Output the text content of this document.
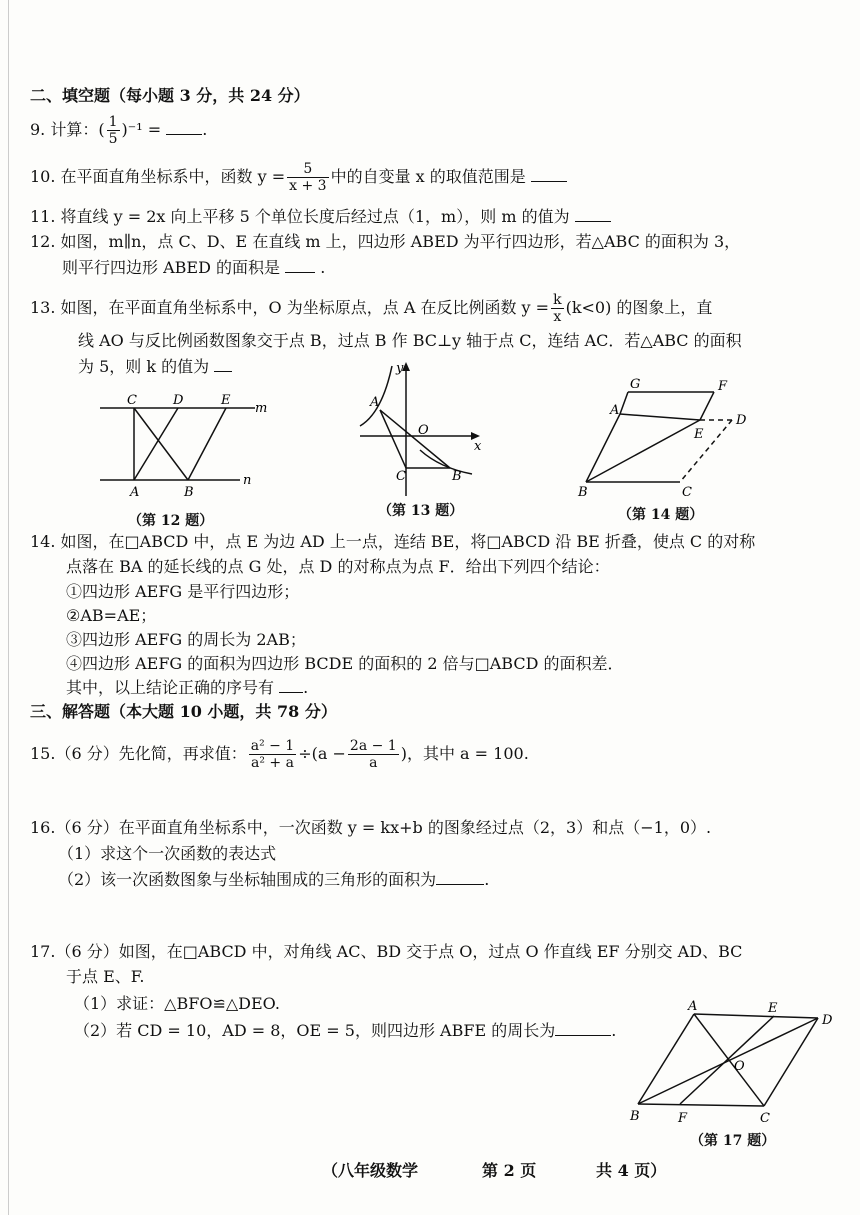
二、填空题（每小题 3 分，共 24 分）
9. 计算：( $\frac{1}{5} )^{-1}$ =	.
10. 在平面直角坐标系中，函数 $y = \frac{5}{x + 3}$ 中的自变量 x 的取值范围是
11. 将直线 y = 2x 向上平移 5 个单位长度后经过点（1，m），则 m 的值为
12. 如图，m∥n，点 C、D、E 在直线 m 上，四边形 ABED 为平行四边形，若△ABC 的面积为 3，
则平行四边形 ABED 的面积是	.
13. 如图，在平面直角坐标系中，O 为坐标原点，点 A 在反比例函数 $y = \frac{k}{x} (k<0)$ 的图象上，直
线 AO 与反比例函数图象交于点 B，过点 B 作 BC⊥y 轴于点 C，连结 AC．若△ABC 的面积
为 5，则 k 的值为
C	D	E
m
A	B
n
（第 12 题）
y
A
O
x
C	B
（第 13 题）
G	F
A
E
D
B	C
（第 14 题）
14. 如图，在□ABCD 中，点 E 为边 AD 上一点，连结 BE，将□ABCD 沿 BE 折叠，使点 C 的对称
点落在 BA 的延长线的点 G 处，点 D 的对称点为点 F．给出下列四个结论：
①四边形 AEFG 是平行四边形；
②AB=AE；
③四边形 AEFG 的周长为 2AB；
④四边形 AEFG 的面积为四边形 BCDE 的面积的 2 倍与□ABCD 的面积差．
其中，以上结论正确的序号有 .
三、解答题（本大题 10 小题，共 78 分）
15.（6 分）先化简，再求值： $\frac{\text{a² − 1}}{\text{a² + a}} \div(a - \frac{2a - 1}{a}$ )，其中 a = 100.
16.（6 分）在平面直角坐标系中，一次函数 y = kx+b 的图象经过点（2，3）和点（−1，0）.
（1）求这个一次函数的表达式
（2）该一次函数图象与坐标轴围成的三角形的面积为	.
17.（6 分）如图，在□ABCD 中，对角线 AC、BD 交于点 O，过点 O 作直线 EF 分别交 AD、BC
于点 E、F.
（1）求证：△BFO≌△DEO.
（2）若 CD = 10，AD = 8，OE = 5，则四边形 ABFE 的周长为	.
A	E
D
O
B	F	C
（第 17 题）
（八年级数学	第 2 页	共 4 页）
